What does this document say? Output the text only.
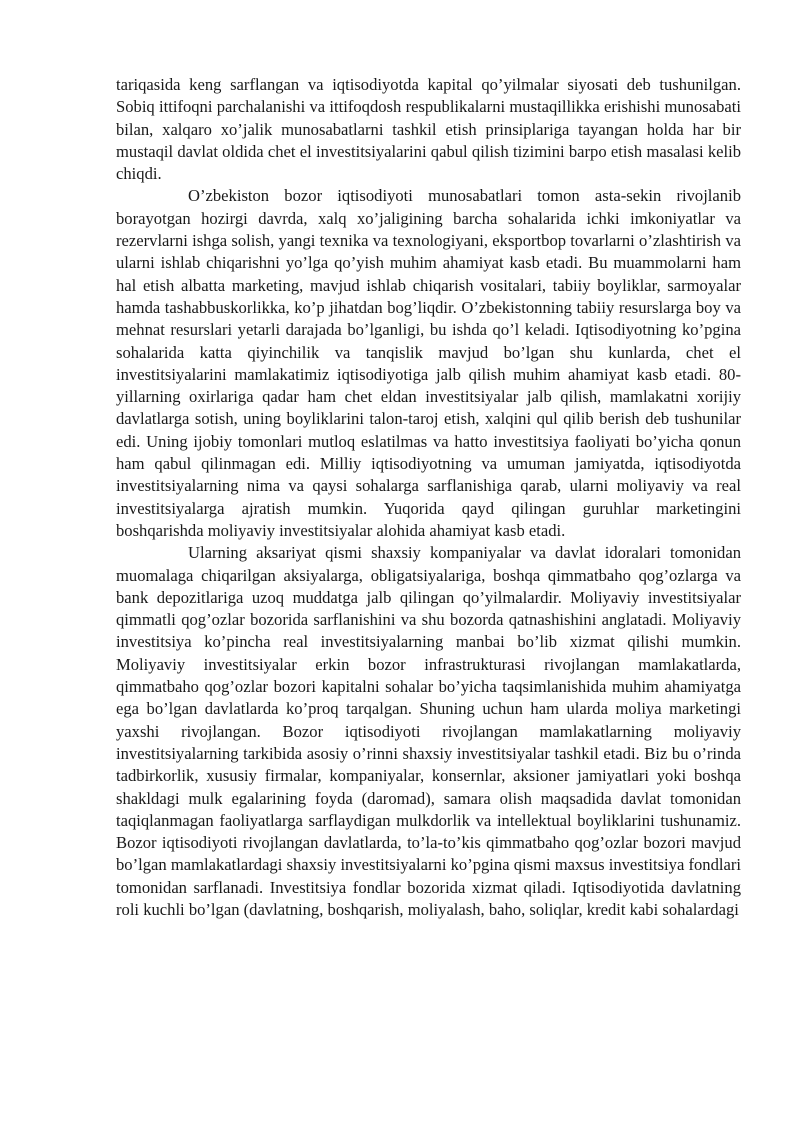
tariqasida keng sarflangan va iqtisodiyotda kapital qo’yilmalar siyosati deb tushunilgan. Sobiq ittifoqni parchalanishi va ittifoqdosh respublikalarni mustaqillikka erishishi munosabati bilan, xalqaro xo’jalik munosabatlarni tashkil etish prinsiplariga tayangan holda har bir mustaqil davlat oldida chet el investitsiyalarini qabul qilish tizimini barpo etish masalasi kelib chiqdi.

O’zbekiston bozor iqtisodiyoti munosabatlari tomon asta-sekin rivojlanib borayotgan hozirgi davrda, xalq xo’jaligining barcha sohalarida ichki imkoniyatlar va rezervlarni ishga solish, yangi texnika va texnologiyani, eksportbop tovarlarni o’zlashtirish va ularni ishlab chiqarishni yo’lga qo’yish muhim ahamiyat kasb etadi. Bu muammolarni ham hal etish albatta marketing, mavjud ishlab chiqarish vositalari, tabiiy boyliklar, sarmoyalar hamda tashabbuskorlikka, ko’p jihatdan bog’liqdir. O’zbekistonning tabiiy resurslarga boy va mehnat resurslari yetarli darajada bo’lganligi, bu ishda qo’l keladi. Iqtisodiyotning ko’pgina sohalarida katta qiyinchilik va tanqislik mavjud bo’lgan shu kunlarda, chet el investitsiyalarini mamlakatimiz iqtisodiyotiga jalb qilish muhim ahamiyat kasb etadi. 80-yillarning oxirlariga qadar ham chet eldan investitsiyalar jalb qilish, mamlakatni xorijiy davlatlarga sotish, uning boyliklarini talon-taroj etish, xalqini qul qilib berish deb tushunilar edi. Uning ijobiy tomonlari mutloq eslatilmas va hatto investitsiya faoliyati bo’yicha qonun ham qabul qilinmagan edi. Milliy iqtisodiyotning va umuman jamiyatda, iqtisodiyotda investitsiyalarning nima va qaysi sohalarga sarflanishiga qarab, ularni moliyaviy va real investitsiyalarga ajratish mumkin. Yuqorida qayd qilingan guruhlar marketingini boshqarishda moliyaviy investitsiyalar alohida ahamiyat kasb etadi.

Ularning aksariyat qismi shaxsiy kompaniyalar va davlat idoralari tomonidan muomalaga chiqarilgan aksiyalarga, obligatsiyalariga, boshqa qimmatbaho qog’ozlarga va bank depozitlariga uzoq muddatga jalb qilingan qo’yilmalardir. Moliyaviy investitsiyalar qimmatli qog’ozlar bozorida sarflanishini va shu bozorda qatnashishini anglatadi. Moliyaviy investitsiya ko’pincha real investitsiyalarning manbai bo’lib xizmat qilishi mumkin. Moliyaviy investitsiyalar erkin bozor infrastrukturasi rivojlangan mamlakatlarda, qimmatbaho qog’ozlar bozori kapitalni sohalar bo’yicha taqsimlanishida muhim ahamiyatga ega bo’lgan davlatlarda ko’proq tarqalgan. Shuning uchun ham ularda moliya marketingi yaxshi rivojlangan. Bozor iqtisodiyoti rivojlangan mamlakatlarning moliyaviy investitsiyalarning tarkibida asosiy o’rinni shaxsiy investitsiyalar tashkil etadi. Biz bu o’rinda tadbirkorlik, xususiy firmalar, kompaniyalar, konsernlar, aksioner jamiyatlari yoki boshqa shakldagi mulk egalarining foyda (daromad), samara olish maqsadida davlat tomonidan taqiqlanmagan faoliyatlarga sarflaydigan mulkdorlik va intellektual boyliklarini tushunamiz. Bozor iqtisodiyoti rivojlangan davlatlarda, to’la-to’kis qimmatbaho qog’ozlar bozori mavjud bo’lgan mamlakatlardagi shaxsiy investitsiyalarni ko’pgina qismi maxsus investitsiya fondlari tomonidan sarflanadi. Investitsiya fondlar bozorida xizmat qiladi. Iqtisodiyotida davlatning roli kuchli bo’lgan (davlatning, boshqarish, moliyalash, baho, soliqlar, kredit kabi sohalardagi
